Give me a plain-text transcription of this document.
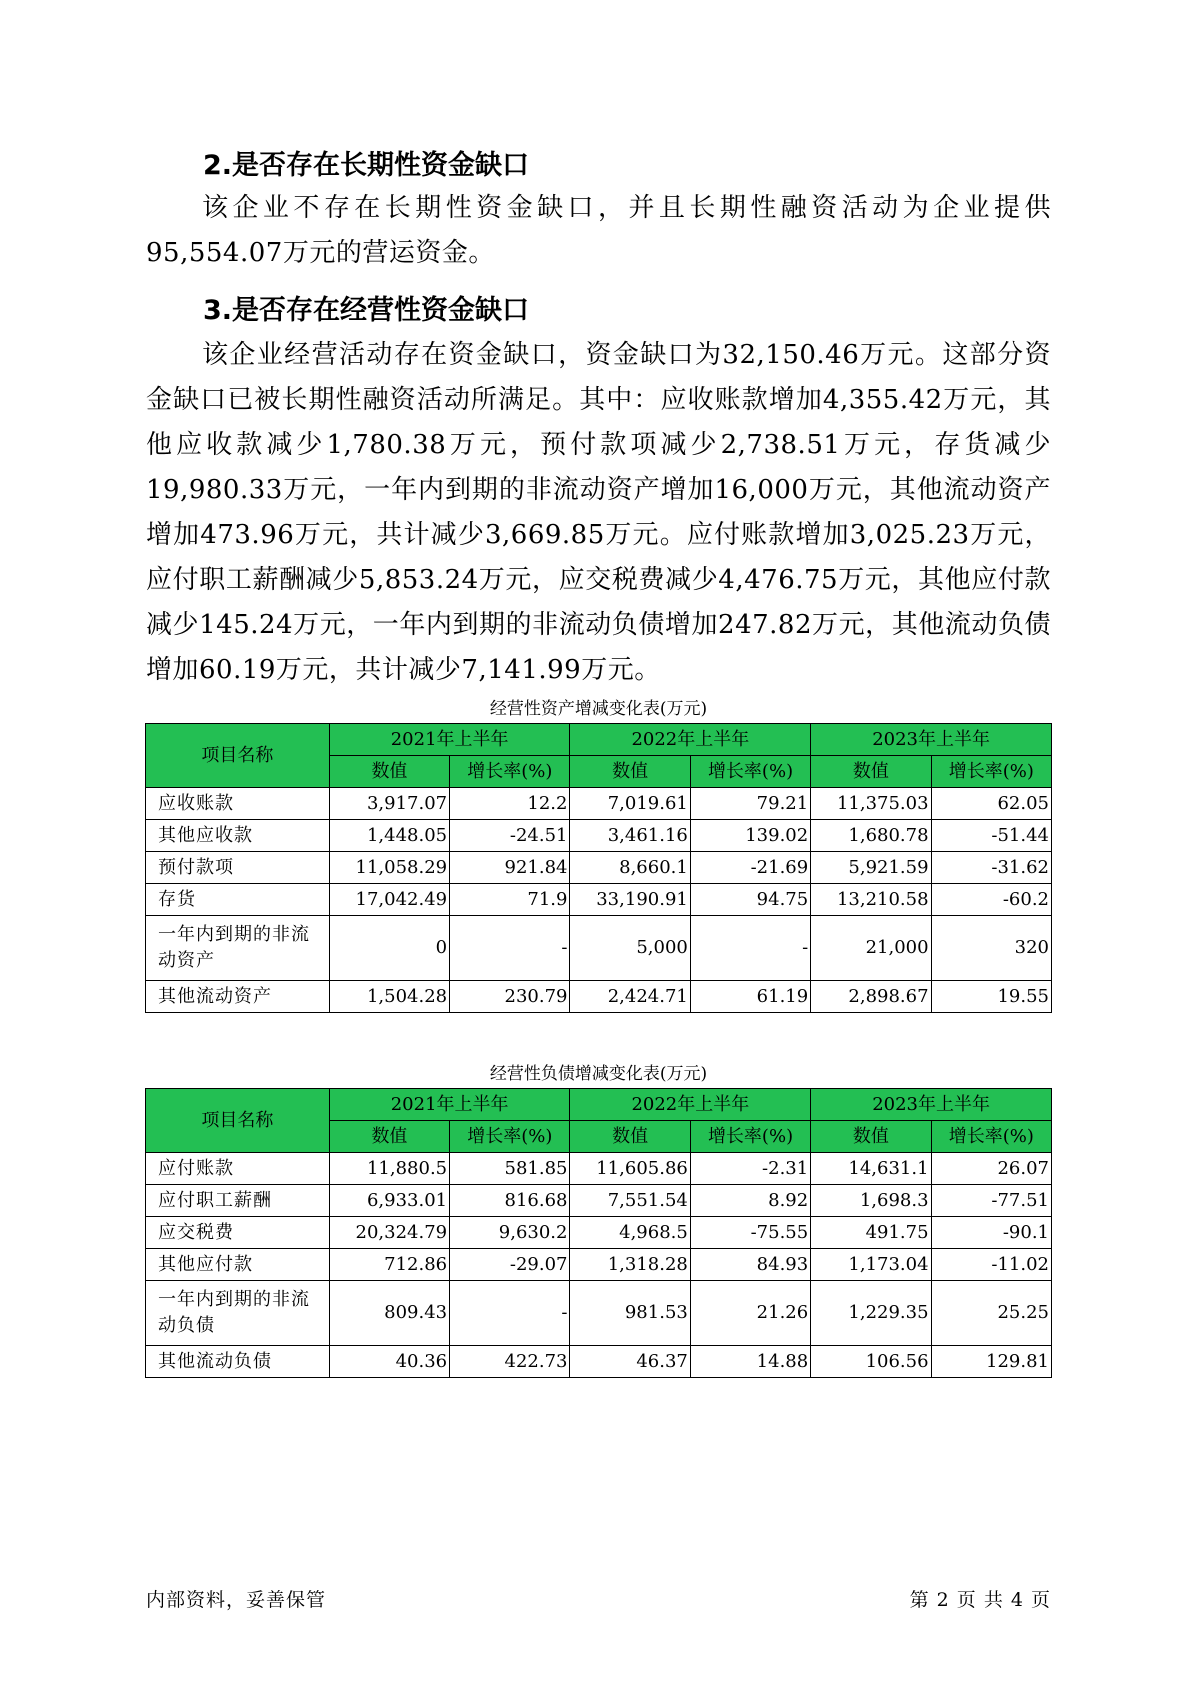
2.是否存在长期性资金缺口

该企业不存在长期性资金缺口，并且长期性融资活动为企业提供95,554.07万元的营运资金。

3.是否存在经营性资金缺口

该企业经营活动存在资金缺口，资金缺口为32,150.46万元。这部分资金缺口已被长期性融资活动所满足。其中：应收账款增加4,355.42万元，其他应收款减少1,780.38万元，预付款项减少2,738.51万元，存货减少19,980.33万元，一年内到期的非流动资产增加16,000万元，其他流动资产增加473.96万元，共计减少3,669.85万元。应付账款增加3,025.23万元，应付职工薪酬减少5,853.24万元，应交税费减少4,476.75万元，其他应付款减少145.24万元，一年内到期的非流动负债增加247.82万元，其他流动负债增加60.19万元，共计减少7,141.99万元。

经营性资产增减变化表(万元)
项目名称	2021年上半年		2022年上半年		2023年上半年	
	数值	增长率(%)	数值	增长率(%)	数值	增长率(%)
应收账款	3,917.07	12.2	7,019.61	79.21	11,375.03	62.05
其他应收款	1,448.05	-24.51	3,461.16	139.02	1,680.78	-51.44
预付款项	11,058.29	921.84	8,660.1	-21.69	5,921.59	-31.62
存货	17,042.49	71.9	33,190.91	94.75	13,210.58	-60.2
一年内到期的非流动资产	0	-	5,000	-	21,000	320
其他流动资产	1,504.28	230.79	2,424.71	61.19	2,898.67	19.55
经营性负债增减变化表(万元)
项目名称	2021年上半年		2022年上半年		2023年上半年	
	数值	增长率(%)	数值	增长率(%)	数值	增长率(%)
应付账款	11,880.5	581.85	11,605.86	-2.31	14,631.1	26.07
应付职工薪酬	6,933.01	816.68	7,551.54	8.92	1,698.3	-77.51
应交税费	20,324.79	9,630.2	4,968.5	-75.55	491.75	-90.1
其他应付款	712.86	-29.07	1,318.28	84.93	1,173.04	-11.02
一年内到期的非流动负债	809.43	-	981.53	21.26	1,229.35	25.25
其他流动负债	40.36	422.73	46.37	14.88	106.56	129.81
内部资料，妥善保管	第 2 页 共 4 页
